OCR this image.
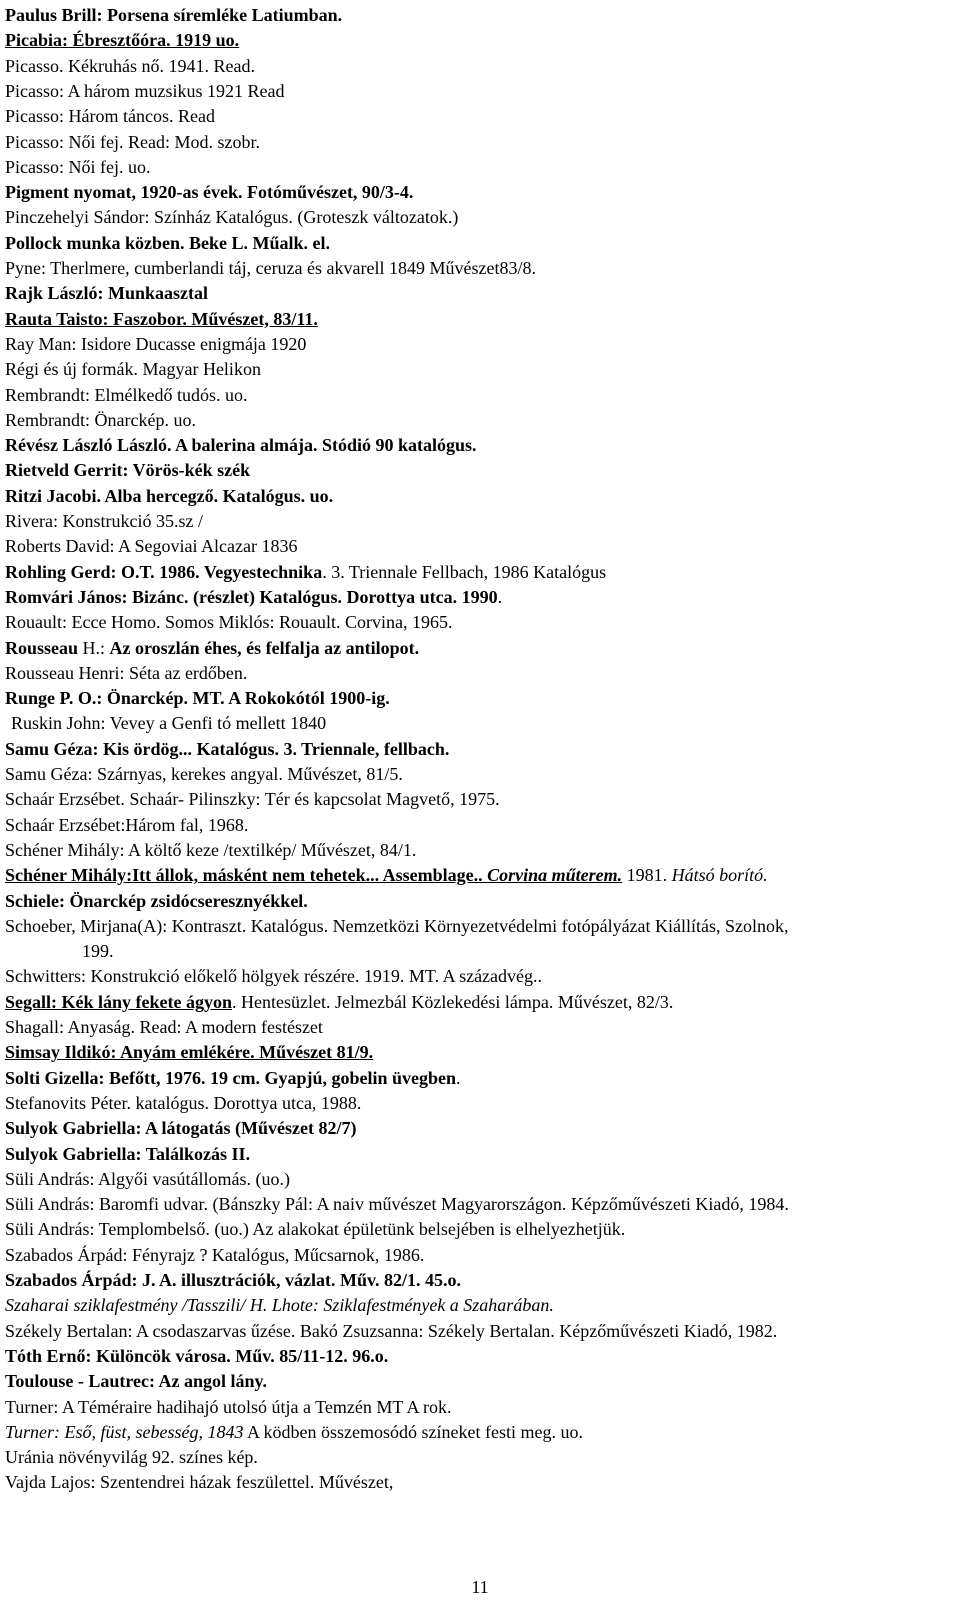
Paulus Brill: Porsena síremléke Latiumban.
Picabia: Ébresztőóra. 1919 uo.
Picasso. Kékruhás nő. 1941. Read.
Picasso: A három muzsikus 1921 Read
Picasso: Három táncos. Read
Picasso: Női fej. Read: Mod. szobr.
Picasso: Női fej. uo.
Pigment nyomat, 1920-as évek. Fotóművészet, 90/3-4.
Pinczehelyi Sándor: Színház Katalógus. (Groteszk változatok.)
Pollock munka közben. Beke L. Műalk. el.
Pyne: Therlmere, cumberlandi táj, ceruza és akvarell 1849 Művészet83/8.
Rajk László: Munkaasztal
Rauta Taisto: Faszobor. Művészet, 83/11.
Ray Man: Isidore Ducasse enigmája 1920
Régi és új formák. Magyar Helikon
Rembrandt: Elmélkedő tudós. uo.
Rembrandt: Önarckép. uo.
Révész László László. A balerina almája. Stódió 90 katalógus.
Rietveld Gerrit: Vörös-kék szék
Ritzi Jacobi. Alba hercegző. Katalógus. uo.
Rivera: Konstrukció 35.sz /
Roberts David: A Segoviai Alcazar 1836
Rohling Gerd: O.T. 1986. Vegyestechnika. 3. Triennale Fellbach, 1986 Katalógus
Romvári János: Bizánc. (részlet) Katalógus. Dorottya utca. 1990.
Rouault: Ecce Homo. Somos Miklós: Rouault. Corvina, 1965.
Rousseau H.: Az oroszlán éhes, és felfalja az antilopot.
Rousseau Henri: Séta az erdőben.
Runge P. O.: Önarckép. MT. A Rokokótól 1900-ig.
Ruskin John: Vevey a Genfi tó mellett 1840
Samu Géza: Kis ördög... Katalógus. 3. Triennale, fellbach.
Samu Géza: Szárnyas, kerekes angyal. Művészet, 81/5.
Schaár Erzsébet. Schaár- Pilinszky: Tér és kapcsolat Magvető, 1975.
Schaár Erzsébet:Három fal, 1968.
Schéner Mihály: A költő keze /textilkép/ Művészet, 84/1.
Schéner Mihály:Itt állok, másként nem tehetek... Assemblage.. Corvina műterem. 1981. Hátsó borító.
Schiele: Önarckép zsidócseresznyékkel.
Schoeber, Mirjana(A): Kontraszt. Katalógus. Nemzetközi Környezetvédelmi fotópályázat Kiállítás, Szolnok,
199.
Schwitters: Konstrukció előkelő hölgyek részére. 1919. MT. A századvég..
Segall: Kék lány fekete ágyon. Hentesüzlet. Jelmezbál Közlekedési lámpa. Művészet, 82/3.
Shagall: Anyaság. Read: A modern festészet
Simsay Ildikó: Anyám emlékére. Művészet 81/9.
Solti Gizella: Befőtt, 1976. 19 cm. Gyapjú, gobelin üvegben.
Stefanovits Péter. katalógus. Dorottya utca, 1988.
Sulyok Gabriella: A látogatás (Művészet 82/7)
Sulyok Gabriella: Találkozás II.
Süli András: Algyői vasútállomás. (uo.)
Süli András: Baromfi udvar. (Bánszky Pál: A naiv művészet Magyarországon. Képzőművészeti Kiadó, 1984.
Süli András: Templombelső. (uo.) Az alakokat épületünk belsejében is elhelyezhetjük.
Szabados Árpád: Fényrajz ? Katalógus, Műcsarnok, 1986.
Szabados Árpád: J. A. illusztrációk, vázlat. Műv. 82/1. 45.o.
Szaharai sziklafestmény /Tasszili/ H. Lhote: Sziklafestmények a Szaharában.
Székely Bertalan: A csodaszarvas űzése. Bakó Zsuzsanna: Székely Bertalan. Képzőművészeti Kiadó, 1982.
Tóth Ernő: Különcök városa. Műv. 85/11-12. 96.o.
Toulouse - Lautrec: Az angol lány.
Turner: A Téméraire hadihajó utolsó útja a Temzén MT A rok.
Turner: Eső, füst, sebesség, 1843 A ködben összemosódó színeket festi meg. uo.
Uránia növényvilág 92. színes kép.
Vajda Lajos: Szentendrei házak feszülettel. Művészet,
11
